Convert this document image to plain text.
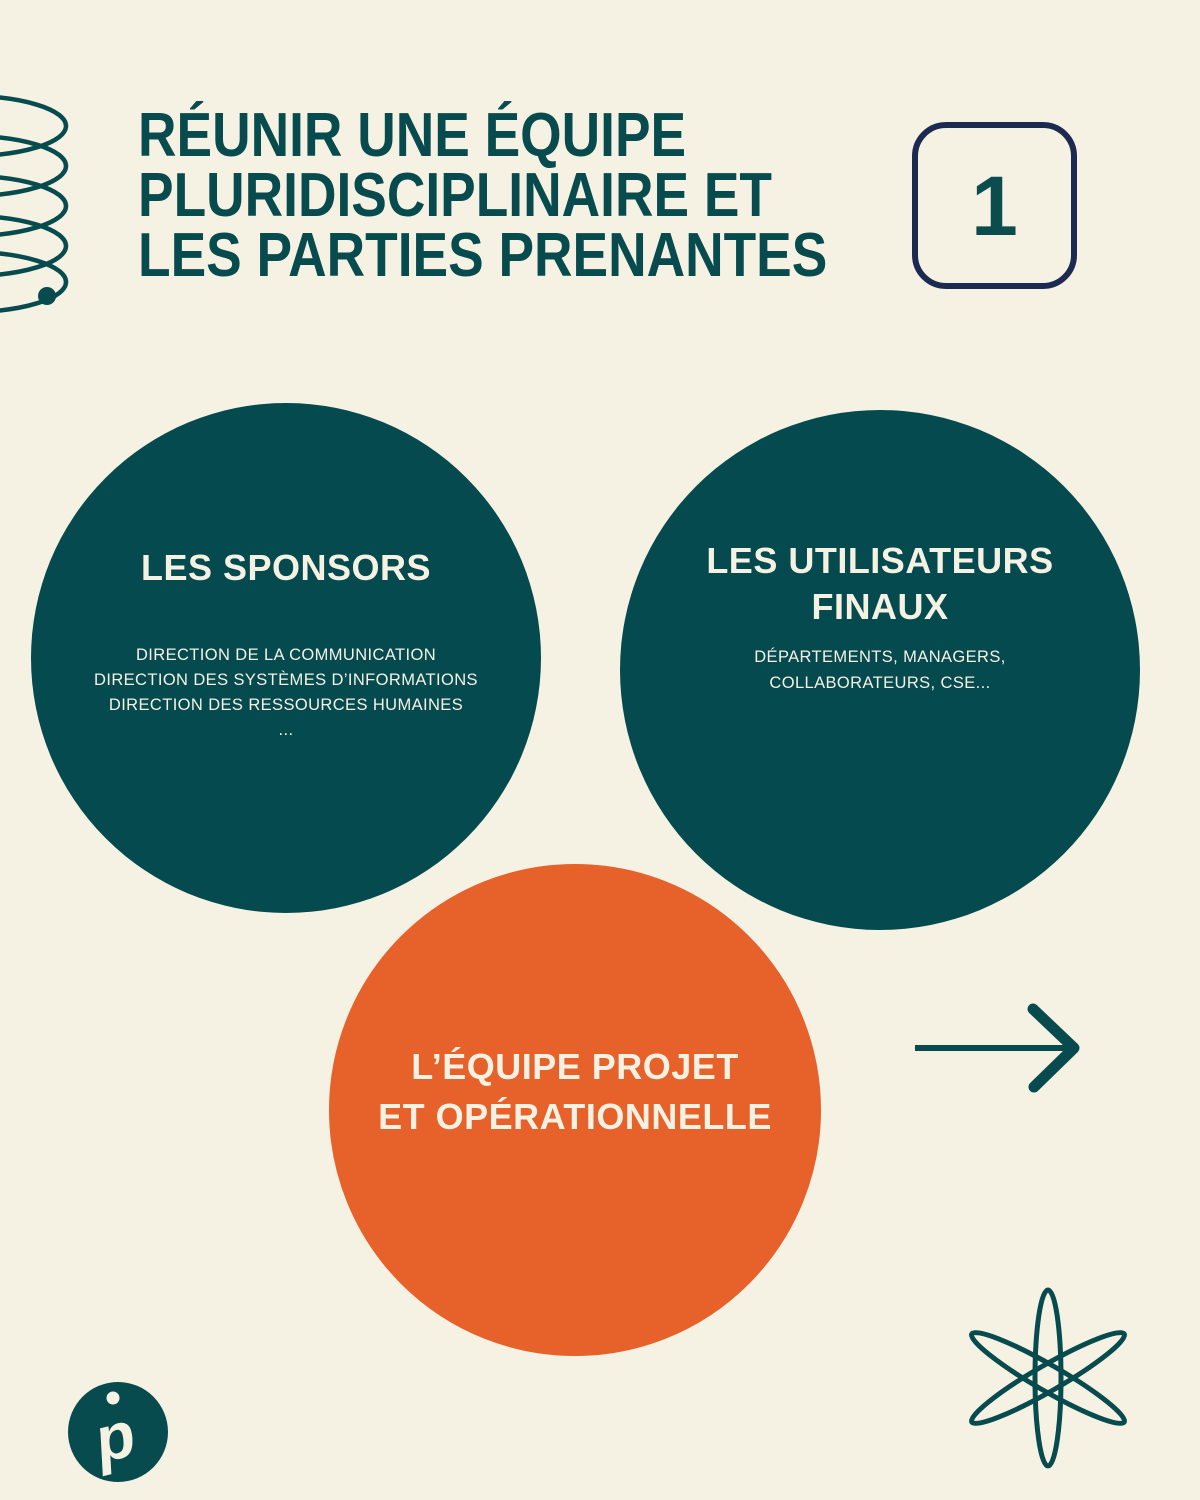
RÉUNIR UNE ÉQUIPE
PLURIDISCIPLINAIRE ET
LES PARTIES PRENANTES
1
LES SPONSORS

DIRECTION DE LA COMMUNICATION
DIRECTION DES SYSTÈMES D’INFORMATIONS
DIRECTION DES RESSOURCES HUMAINES
...

LES UTILISATEURS
FINAUX

DÉPARTEMENTS, MANAGERS,
COLLABORATEURS, CSE...

L’ÉQUIPE PROJET
ET OPÉRATIONNELLE
p
